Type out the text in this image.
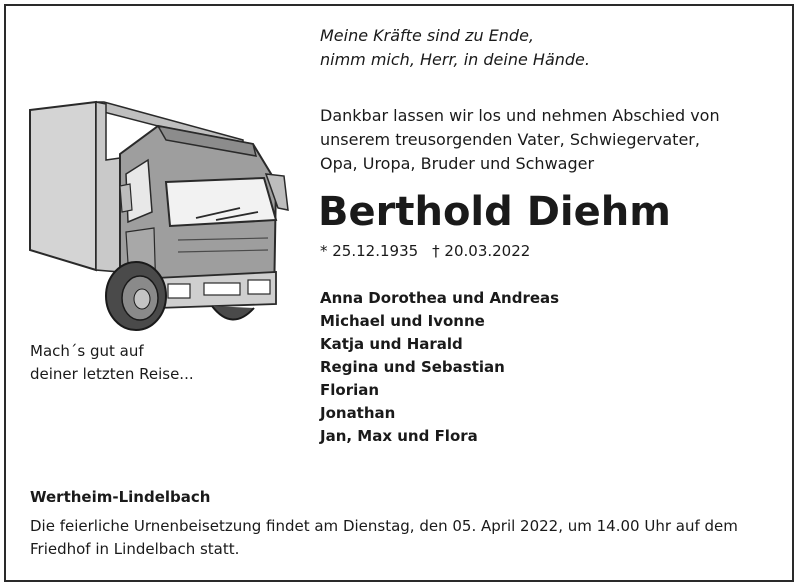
Meine Kräfte sind zu Ende,
nimm mich, Herr, in deine Hände.
Dankbar lassen wir los und nehmen Abschied von
unserem treusorgenden Vater, Schwiegervater,
Opa, Uropa, Bruder und Schwager
Berthold Diehm
* 25.12.1935 † 20.03.2022
Anna Dorothea und Andreas
Michael und Ivonne
Katja und Harald
Regina und Sebastian
Florian
Jonathan
Jan, Max und Flora
Mach´s gut auf
deiner letzten Reise...
Wertheim-Lindelbach
Die feierliche Urnenbeisetzung findet am Dienstag, den 05. April 2022, um 14.00 Uhr auf dem
Friedhof in Lindelbach statt.
